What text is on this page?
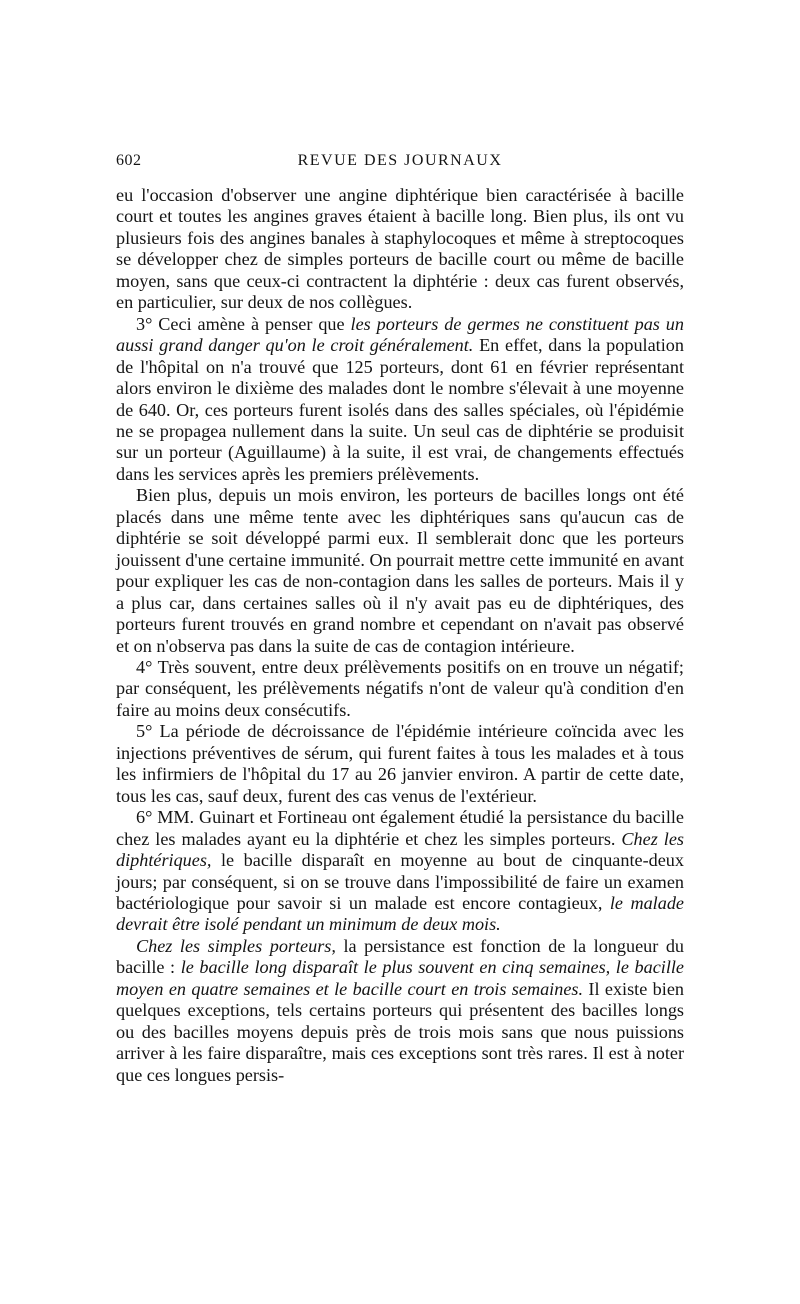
602	REVUE DES JOURNAUX

eu l'occasion d'observer une angine diphtérique bien caractérisée à bacille court et toutes les angines graves étaient à bacille long. Bien plus, ils ont vu plusieurs fois des angines banales à staphylocoques et même à streptocoques se développer chez de simples porteurs de bacille court ou même de bacille moyen, sans que ceux-ci contractent la diphtérie : deux cas furent observés, en particulier, sur deux de nos collègues.

3° Ceci amène à penser que les porteurs de germes ne constituent pas un aussi grand danger qu'on le croit généralement. En effet, dans la population de l'hôpital on n'a trouvé que 125 porteurs, dont 61 en février représentant alors environ le dixième des malades dont le nombre s'élevait à une moyenne de 640. Or, ces porteurs furent isolés dans des salles spéciales, où l'épidémie ne se propagea nullement dans la suite. Un seul cas de diphtérie se produisit sur un porteur (Aguillaume) à la suite, il est vrai, de changements effectués dans les services après les premiers prélèvements.

Bien plus, depuis un mois environ, les porteurs de bacilles longs ont été placés dans une même tente avec les diphtériques sans qu'aucun cas de diphtérie se soit développé parmi eux. Il semblerait donc que les porteurs jouissent d'une certaine immunité. On pourrait mettre cette immunité en avant pour expliquer les cas de non-contagion dans les salles de porteurs. Mais il y a plus car, dans certaines salles où il n'y avait pas eu de diphtériques, des porteurs furent trouvés en grand nombre et cependant on n'avait pas observé et on n'observa pas dans la suite de cas de contagion intérieure.

4° Très souvent, entre deux prélèvements positifs on en trouve un négatif; par conséquent, les prélèvements négatifs n'ont de valeur qu'à condition d'en faire au moins deux consécutifs.

5° La période de décroissance de l'épidémie intérieure coïncida avec les injections préventives de sérum, qui furent faites à tous les malades et à tous les infirmiers de l'hôpital du 17 au 26 janvier environ. A partir de cette date, tous les cas, sauf deux, furent des cas venus de l'extérieur.

6° MM. Guinart et Fortineau ont également étudié la persistance du bacille chez les malades ayant eu la diphtérie et chez les simples porteurs. Chez les diphtériques, le bacille disparaît en moyenne au bout de cinquante-deux jours; par conséquent, si on se trouve dans l'impossibilité de faire un examen bactériologique pour savoir si un malade est encore contagieux, le malade devrait être isolé pendant un minimum de deux mois.

Chez les simples porteurs, la persistance est fonction de la longueur du bacille : le bacille long disparaît le plus souvent en cinq semaines, le bacille moyen en quatre semaines et le bacille court en trois semaines. Il existe bien quelques exceptions, tels certains porteurs qui présentent des bacilles longs ou des bacilles moyens depuis près de trois mois sans que nous puissions arriver à les faire disparaître, mais ces exceptions sont très rares. Il est à noter que ces longues persis-
